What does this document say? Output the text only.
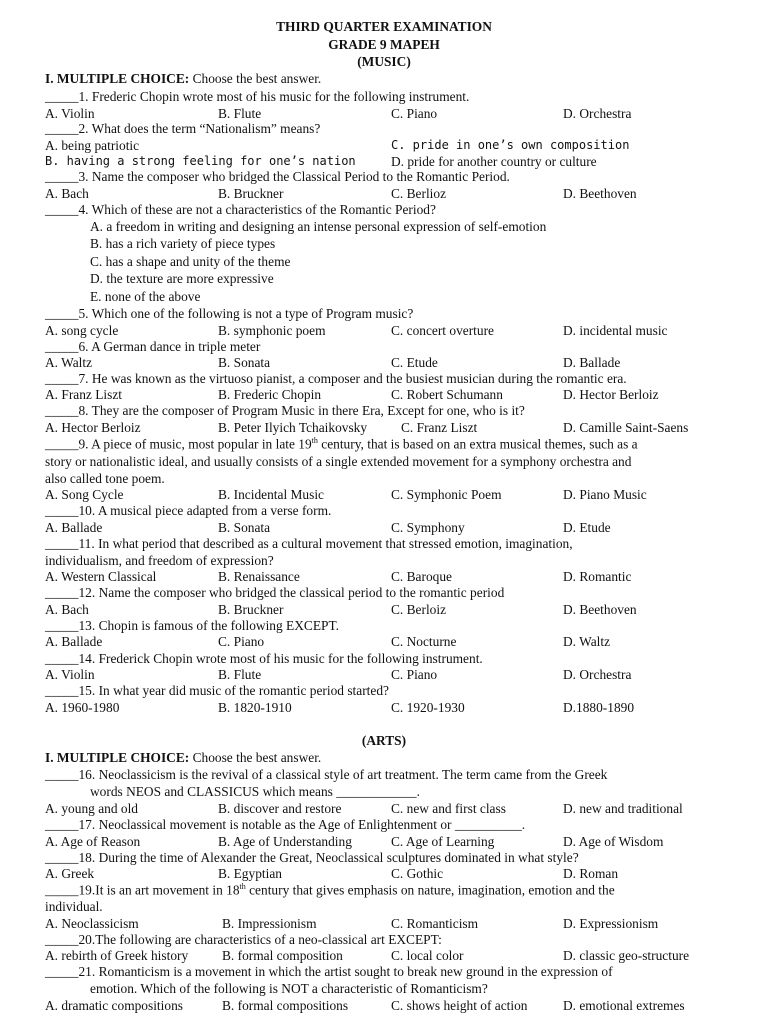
THIRD QUARTER EXAMINATION
GRADE 9 MAPEH
(MUSIC)
I. MULTIPLE CHOICE: Choose the best answer.
_____1. Frederic Chopin wrote most of his music for the following instrument.
A. Violin	B. Flute	C. Piano	D. Orchestra
_____2. What does the term “Nationalism” means?
A. being patriotic	C. pride in one’s own composition
B. having a strong feeling for one’s nation	D. pride for another country or culture
_____3. Name the composer who bridged the Classical Period to the Romantic Period.
A. Bach	B. Bruckner	C. Berlioz	D. Beethoven
_____4. Which of these are not a characteristics of the Romantic Period?
A. a freedom in writing and designing an intense personal expression of self-emotion
B. has a rich variety of piece types
C. has a shape and unity of the theme
D. the texture are more expressive
E. none of the above
_____5. Which one of the following is not a type of Program music?
A. song cycle	B. symphonic poem	C. concert overture	D. incidental music
_____6. A German dance in triple meter
A. Waltz	B. Sonata	C. Etude	D. Ballade
_____7. He was known as the virtuoso pianist, a composer and the busiest musician during the romantic era.
A. Franz Liszt	B. Frederic Chopin	C. Robert Schumann	D. Hector Berloiz
_____8. They are the composer of Program Music in there Era, Except for one, who is it?
A. Hector Berloiz	B. Peter Ilyich Tchaikovsky	C. Franz Liszt	D. Camille Saint-Saens
_____9. A piece of music, most popular in late 19th century, that is based on an extra musical themes, such as a
story or nationalistic ideal, and usually consists of a single extended movement for a symphony orchestra and
also called tone poem.
A. Song Cycle	B. Incidental Music	C. Symphonic Poem	D. Piano Music
_____10. A musical piece adapted from a verse form.
A. Ballade	B. Sonata	C. Symphony	D. Etude
_____11. In what period that described as a cultural movement that stressed emotion, imagination,
individualism, and freedom of expression?
A. Western Classical	B. Renaissance	C. Baroque	D. Romantic
_____12. Name the composer who bridged the classical period to the romantic period
A. Bach	B. Bruckner	C. Berloiz	D. Beethoven
_____13. Chopin is famous of the following EXCEPT.
A. Ballade	C. Piano	C. Nocturne	D. Waltz
_____14. Frederick Chopin wrote most of his music for the following instrument.
A. Violin	B. Flute	C. Piano	D. Orchestra
_____15. In what year did music of the romantic period started?
A. 1960-1980	B. 1820-1910	C. 1920-1930	D.1880-1890
(ARTS)
I. MULTIPLE CHOICE: Choose the best answer.
_____16. Neoclassicism is the revival of a classical style of art treatment. The term came from the Greek
words NEOS and CLASSICUS which means ____________.
A. young and old	B. discover and restore	C. new and first class	D. new and traditional
_____17. Neoclassical movement is notable as the Age of Enlightenment or __________.
A. Age of Reason	B. Age of Understanding	C. Age of Learning	D. Age of Wisdom
_____18. During the time of Alexander the Great, Neoclassical sculptures dominated in what style?
A. Greek	B. Egyptian	C. Gothic	D. Roman
_____19.It is an art movement in 18th century that gives emphasis on nature, imagination, emotion and the
individual.
A. Neoclassicism	B. Impressionism	C. Romanticism	D. Expressionism
_____20.The following are characteristics of a neo-classical art EXCEPT:
A. rebirth of Greek history	B. formal composition	C. local color	D. classic geo-structure
_____21. Romanticism is a movement in which the artist sought to break new ground in the expression of
emotion. Which of the following is NOT a characteristic of Romanticism?
A. dramatic compositions	B. formal compositions	C. shows height of action	D. emotional extremes
